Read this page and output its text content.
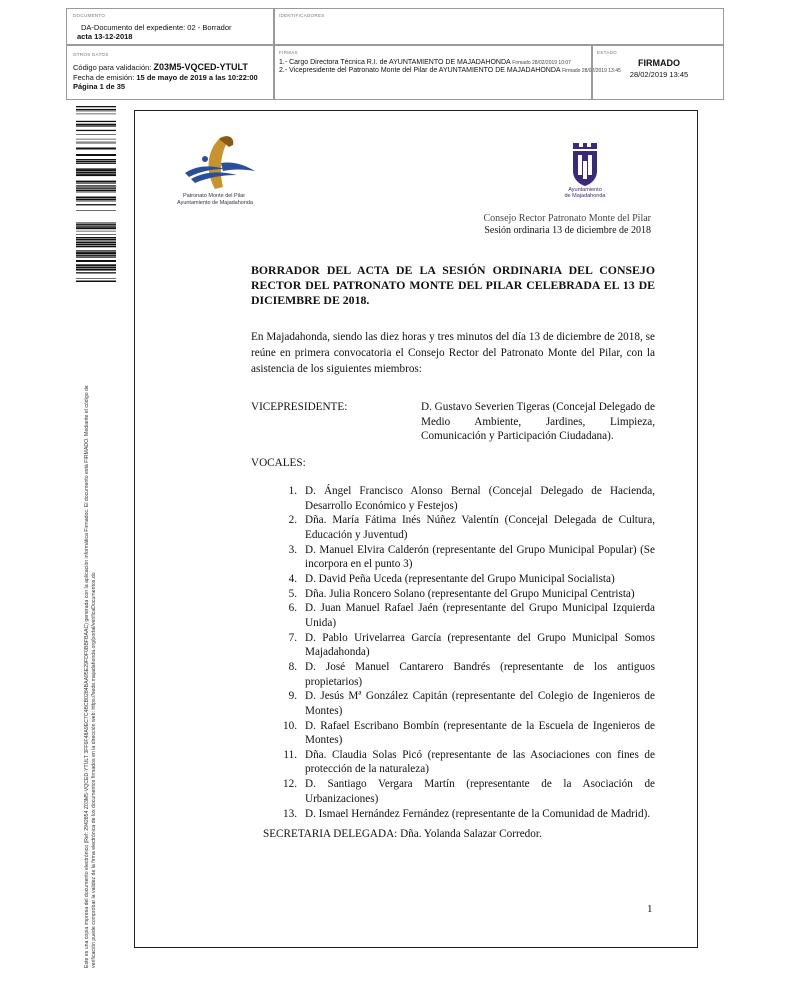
DOCUMENTO
DA-Documento del expediente: 02 - Borrador
acta 13-12-2018
IDENTIFICADORES
OTROS DATOS
Código para validación: Z03M5-VQCED-YTULT
Fecha de emisión: 15 de mayo de 2019 a las 10:22:00
Página 1 de 35
FIRMAS
1.- Cargo Directora Técnica R.I. de AYUNTAMIENTO DE MAJADAHONDA Firmado 28/02/2019 10:07
2.- Vicepresidente del Patronato Monte del Pilar de AYUNTAMIENTO DE MAJADAHONDA Firmado 28/02/2019 13:45
ESTADO
FIRMADO
28/02/2019 13:45
Este es una copia impresa del documento electrónico (Ref: 2942854 Z03M5-VQCED-YTULT 3FF6F48A9EC7C4BCB0284BAA95E29FDF0BBFBAAC) generada con la aplicación informática Firmadoc. El documento está FIRMADO. Mediante el código de verificación puede comprobar la validez de la firma electrónica de los documentos firmados en la dirección web: https://sede.majadahonda.org/portal/verificaDocumentos.do
Patronato Monte del Pilar
Ayuntamiento de Majadahonda
Ayuntamiento
de Majadahonda
Consejo Rector Patronato Monte del Pilar
Sesión ordinaria 13 de diciembre de 2018
BORRADOR DEL ACTA DE LA SESIÓN ORDINARIA DEL CONSEJO RECTOR DEL PATRONATO MONTE DEL PILAR CELEBRADA EL 13 DE DICIEMBRE DE 2018.
En Majadahonda, siendo las diez horas y tres minutos del día 13 de diciembre de 2018, se reúne en primera convocatoria el Consejo Rector del Patronato Monte del Pilar, con la asistencia de los siguientes miembros:
VICEPRESIDENTE:	D. Gustavo Severien Tigeras (Concejal Delegado de Medio Ambiente, Jardines, Limpieza, Comunicación y Participación Ciudadana).
VOCALES:
1. D. Ángel Francisco Alonso Bernal (Concejal Delegado de Hacienda, Desarrollo Económico y Festejos)
2. Dña. María Fátima Inés Núñez Valentín (Concejal Delegada de Cultura, Educación y Juventud)
3. D. Manuel Elvira Calderón (representante del Grupo Municipal Popular) (Se incorpora en el punto 3)
4. D. David Peña Uceda (representante del Grupo Municipal Socialista)
5. Dña. Julia Roncero Solano (representante del Grupo Municipal Centrista)
6. D. Juan Manuel Rafael Jaén (representante del Grupo Municipal Izquierda Unida)
7. D. Pablo Urivelarrea García (representante del Grupo Municipal Somos Majadahonda)
8. D. José Manuel Cantarero Bandrés (representante de los antiguos propietarios)
9. D. Jesús Mª González Capitán (representante del Colegio de Ingenieros de Montes)
10. D. Rafael Escribano Bombín (representante de la Escuela de Ingenieros de Montes)
11. Dña. Claudia Solas Picó (representante de las Asociaciones con fines de protección de la naturaleza)
12. D. Santiago Vergara Martín (representante de la Asociación de Urbanizaciones)
13. D. Ismael Hernández Fernández (representante de la Comunidad de Madrid).
SECRETARIA DELEGADA: Dña. Yolanda Salazar Corredor.
1
